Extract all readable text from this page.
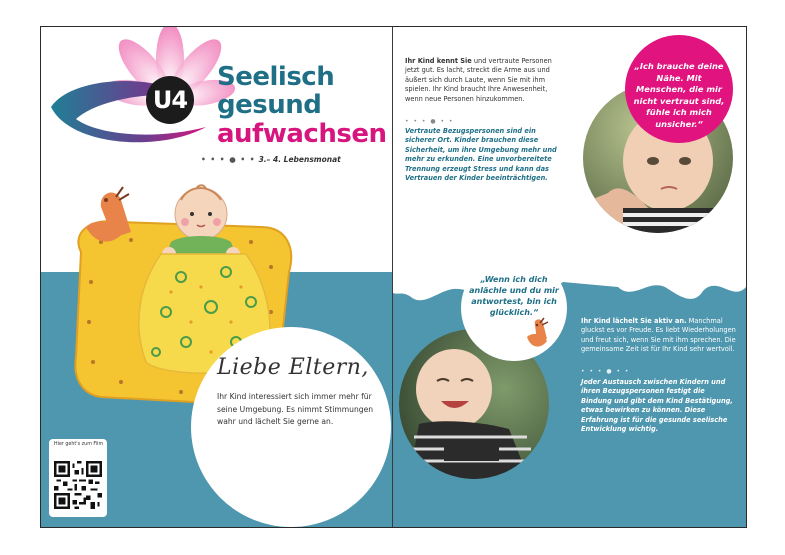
U4
Seelisch
gesund
aufwachsen
• • • ● • • 3.– 4. Lebensmonat
Liebe Eltern,
Ihr Kind interessiert sich immer mehr für seine Umgebung. Es nimmt Stimmungen wahr und lächelt Sie gerne an.
Hier geht's zum Film
„Ich brauche deine Nähe. Mit Menschen, die mir nicht vertraut sind, fühle ich mich unsicher.“
Ihr Kind kennt Sie und vertraute Personen jetzt gut. Es lacht, streckt die Arme aus und äußert sich durch Laute, wenn Sie mit ihm spielen. Ihr Kind braucht Ihre Anwesenheit, wenn neue Personen hinzukommen.
• • • ● • •
Vertraute Bezugspersonen sind ein sicherer Ort. Kinder brauchen diese Sicherheit, um ihre Umgebung mehr und mehr zu erkunden. Eine unvorbereitete Trennung erzeugt Stress und kann das Vertrauen der Kinder beeinträchtigen.
„Wenn ich dich anlächle und du mir antwortest, bin ich glücklich.“
Ihr Kind lächelt Sie aktiv an. Manchmal gluckst es vor Freude. Es liebt Wiederholungen und freut sich, wenn Sie mit ihm sprechen. Die gemeinsame Zeit ist für Ihr Kind sehr wertvoll.
• • • ● • •
Jeder Austausch zwischen Kindern und ihren Bezugspersonen festigt die Bindung und gibt dem Kind Bestätigung, etwas bewirken zu können. Diese Erfahrung ist für die gesunde seelische Entwicklung wichtig.
